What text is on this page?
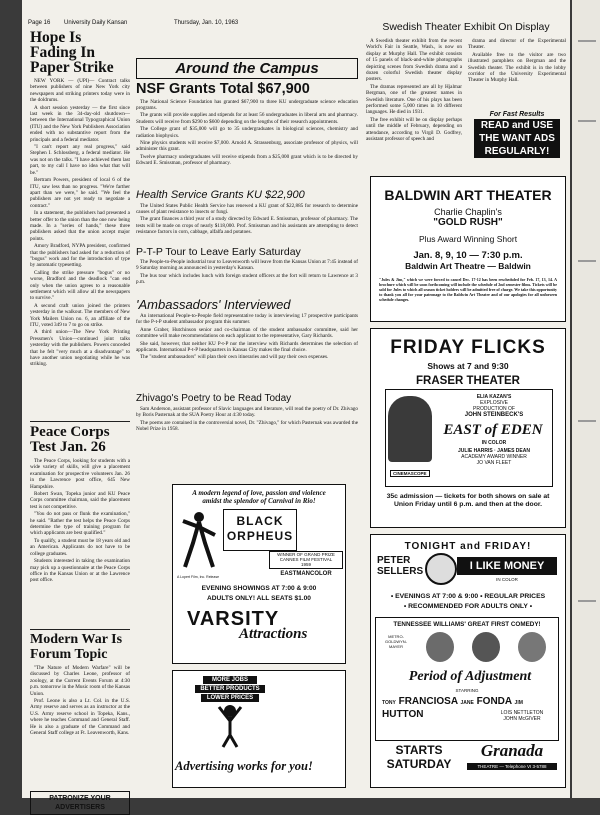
Page 16 University Daily Kansan	Thursday, Jan. 10, 1963
Hope Is Fading In Paper Strike

NEW YORK — (UPI)— Contract talks between publishers of nine New York city newspapers and striking printers today were in the doldrums.

A short session yesterday — the first since last week in the 34-day-old shutdown—between the International Typographical Union (ITU) and the New York Publishers Association ended with no substantive report from the principals and a federal mediator.

"I can't report any real progress," said Stephen I. Schlossberg, a federal mediator. He was not on the talks. "I have achieved them last part, to my call I have no idea what that will be."

Bertram Powers, president of local 6 of the ITU, saw less than no progress. "We're farther apart than we were," he said. "We feel the publishers are not yet ready to negotiate a contract."

In a statement, the publishers had presented a better offer to the union than the one now being made. In a "series of hands," these three publishers asked that the union accept major points.

Amory Bradford, NYPA president, confirmed that the publishers had asked for a reduction of "bogus" work and for the introduction of type by automatic typesetting.

Calling the strike pressure "bogus" or no worse, Bradford and the deadlock "can end only when the union agrees to a reasonable settlement which will allow all the newspapers to survive."

A second craft union joined the printers yesterday in the walkout. The members of New York Mailers Union no. 6, an affiliate of the ITU, voted 349 to 7 to go on strike.

A third union—The New York Printing Pressmen's Union—continued joint talks yesterday with the publishers. Powers conceded that he felt "very much at a disadvantage" to have another union negotiating while he was striking.

Peace Corps Test Jan. 26

The Peace Corps, looking for students with a wide variety of skills, will give a placement examination for prospective volunteers Jan. 26 in the Lawrence post office, 645 New Hampshire.

Robert Swan, Topeka junior and KU Peace Corps committee chairman, said the placement test is not competitive.

"You do not pass or flunk the examination," he said. "Rather the test helps the Peace Corps determine the type of training program for which applicants are best qualified."

To qualify, a student must be 18 years old and an American. Applicants do not have to be college graduates.

Students interested in taking the examination may pick up a questionnaire at the Peace Corps office in the Kansas Union or at the Lawrence post office.

Modern War Is Forum Topic

"The Nature of Modern Warfare" will be discussed by Charles Leone, professor of zoology, at the Current Events Forum at 4:30 p.m. tomorrow in the Music room of the Kansas Union.

Prof. Leone is also a Lt. Col. in the U.S. Army reserve and serves as an instructor at the U.S. Army reserve school in Topeka, Kans., where he teaches Command and General Staff. He is also a graduate of the Command and General Staff college at Ft. Leavenworth, Kans.

PATRONIZE YOUR
ADVERTISERS
Around the Campus
NSF Grants Total $67,900

The National Science Foundation has granted $67,900 to three KU undergraduate science education programs.

The grants will provide supplies and stipends for at least 56 undergraduates in liberal arts and pharmacy. Students will receive from $290 to $600 depending on the lengths of their research appointments.

The College grant of $35,000 will go to 35 undergraduates in biological sciences, chemistry and radiation biophysics.

Nine physics students will receive $7,000. Arnold A. Strassenburg, associate professor of physics, will administer this grant.

Twelve pharmacy undergraduates will receive stipends from a $25,000 grant which is to be directed by Edward E. Smissman, professor of pharmacy.

Health Service Grants KU $22,900

The United States Public Health Service has renewed a KU grant of $22,885 for research to determine causes of plant resistance to insects or fungi.

The grant finances a third year of a study directed by Edward E. Smissman, professor of pharmacy. The tests will be made on crops of nearly $118,000. Prof. Smissman and his assistants are attempting to detect resistance factors in corn, cabbage, alfalfa and potatoes.

P-T-P Tour to Leave Early Saturday

The People-to-People industrial tour to Leavenworth will leave from the Kansas Union at 7:45 instead of 9 Saturday morning as announced in yesterday's Kansan.

The bus tour which includes lunch with foreign student officers at the fort will return to Lawrence at 3 p.m.

'Ambassadors' Interviewed

An international People-to-People field representative today is interviewing 17 prospective participants for the P-t-P student ambassador program this summer.

Anne Graber, Hutchinson senior and co-chairman of the student ambassador committee, said her committee will make recommendations on each applicant to the representative, Gary Richards.

She said, however, that neither KU P-t-P nor the interview with Richards determines the selection of applicants. International P-t-P headquarters in Kansas City makes the final choice.

The "student ambassadors" will plan their own itineraries and will pay their own expenses.

Zhivago's Poetry to be Read Today

Sam Anderson, assistant professor of Slavic languages and literature, will read the poetry of Dr. Zhivago by Boris Pasternak at the SUA Poetry Hour at 4:30 today.

The poems are contained in the controversial novel, Dr. "Zhivago," for which Pasternak was awarded the Nobel Prize in 1958.

A modern legend of love, passion and violence
amidst the splendor of Carnival in Rio!
BLACK
ORPHEUS
WINNER OF GRAND PRIZE
CANNES FILM FESTIVAL
1959
EASTMANCOLOR
A Lopert Film, Inc. Release
EVENING SHOWINGS AT 7:00 & 9:00
ADULTS ONLY! ALL SEATS $1.00
VARSITY
Attractions
MORE JOBS
BETTER PRODUCTS
LOWER PRICES
Advertising works for you!
Swedish Theater Exhibit On Display

A Swedish theater exhibit from the recent World's Fair in Seattle, Wash., is now on display at Murphy Hall. The exhibit consists of 15 panels of black-and-white photographs depicting scenes from Swedish drama and a dozen colorful Swedish theater display posters.

The dramas represented are all by Hjalmar Bergman, one of the greatest names in Swedish literature. One of his plays has been performed some 5,000 times in 10 different languages. He died in 1931.

The free exhibit will be on display perhaps until the middle of February, depending on attendance, according to Virgil D. Godfrey, assistant professor of speech and

drama and director of the Experimental Theater.

Available free to the visitor are two illustrated pamphlets on Bergman and the Swedish theater. The exhibit is in the lobby corridor of the University Experimental Theater in Murphy Hall.

For Fast Results
READ and USE
THE WANT ADS
REGULARLY!
BALDWIN ART THEATER
Charlie Chaplin's
"GOLD RUSH"
Plus Award Winning Short
Jan. 8, 9, 10 — 7:30 p.m.
Baldwin Art Theatre — Baldwin
"Jules & Jim," which we were forced to cancel Dec. 17-12 has been rescheduled for Feb. 17, 13, 14. A brochure which will be soon forthcoming will include the schedule of 2nd semester films. Tickets will be sold for Jules to which all season ticket holders will be admitted free of charge. We take this opportunity to thank you all for your patronage to the Baldwin Art Theatre and of our apologies for all unforseen schedule changes.
FRIDAY FLICKS
Shows at 7 and 9:30
FRASER THEATER
ELIA KAZAN'S
EXPLOSIVE
PRODUCTION OF
JOHN STEINBECK'S
EAST of EDEN
IN COLOR
JULIE HARRIS · JAMES DEAN
ACADEMY AWARD WINNER
JO VAN FLEET
CINEMASCOPE
35c admission — tickets for both shows on sale at Union Friday until 6 p.m. and then at the door.
TONIGHT and FRIDAY!
PETER
SELLERS	I LIKE MONEY
IN COLOR
• EVENINGS AT 7:00 & 9:00 • REGULAR PRICES
• RECOMMENDED FOR ADULTS ONLY •
TENNESSEE WILLIAMS' GREAT FIRST COMEDY!
METRO-GOLDWYN-MAYER
Period of Adjustment
STARRING
TONY FRANCIOSA JANE FONDA JIM HUTTON	LOIS NETTLETON
JOHN McGIVER
STARTS
SATURDAY
Granada
THEATRE — Telephone VI 3-5788
